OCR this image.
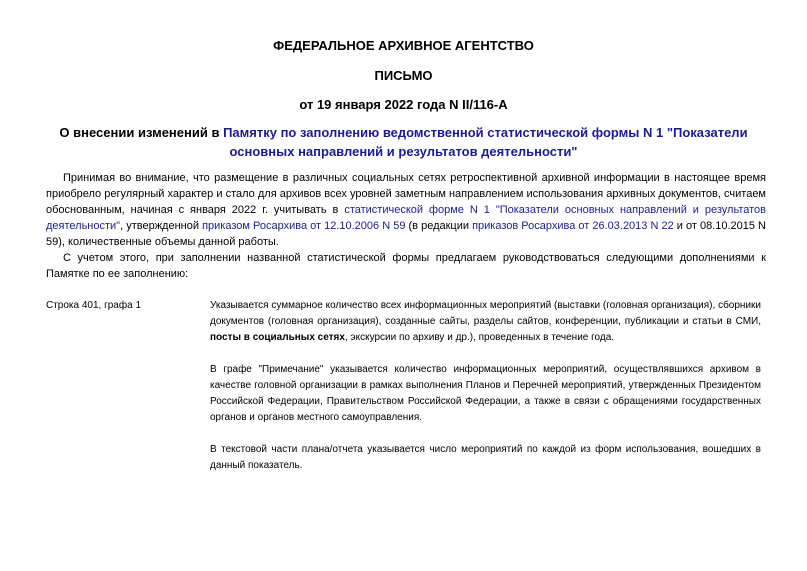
ФЕДЕРАЛЬНОЕ АРХИВНОЕ АГЕНТСТВО
ПИСЬМО
от 19 января 2022 года N II/116-А
О внесении изменений в Памятку по заполнению ведомственной статистической формы N 1 "Показатели основных направлений и результатов деятельности"

Принимая во внимание, что размещение в различных социальных сетях ретроспективной архивной информации в настоящее время приобрело регулярный характер и стало для архивов всех уровней заметным направлением использования архивных документов, считаем обоснованным, начиная с января 2022 г. учитывать в статистической форме N 1 "Показатели основных направлений и результатов деятельности", утвержденной приказом Росархива от 12.10.2006 N 59 (в редакции приказов Росархива от 26.03.2013 N 22 и от 08.10.2015 N 59), количественные объемы данной работы.

С учетом этого, при заполнении названной статистической формы предлагаем руководствоваться следующими дополнениями к Памятке по ее заполнению:

Строка 401, графа 1	Указывается суммарное количество всех информационных мероприятий (выставки (головная организация), сборники документов (головная организация), созданные сайты, разделы сайтов, конференции, публикации и статьи в СМИ, посты в социальных сетях, экскурсии по архиву и др.), проведенных в течение года.

В графе "Примечание" указывается количество информационных мероприятий, осуществлявшихся архивом в качестве головной организации в рамках выполнения Планов и Перечней мероприятий, утвержденных Президентом Российской Федерации, Правительством Российской Федерации, а также в связи с обращениями государственных органов и органов местного самоуправления.

В текстовой части плана/отчета указывается число мероприятий по каждой из форм использования, вошедших в данный показатель.
